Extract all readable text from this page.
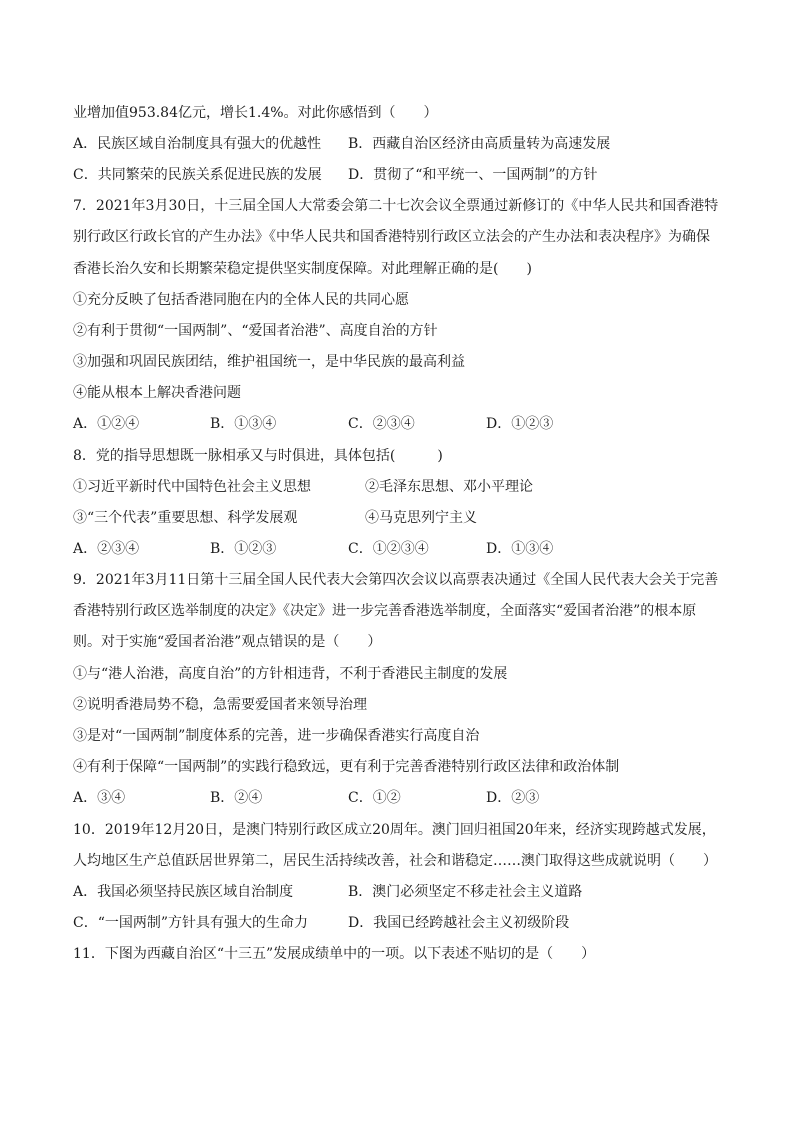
业增加值953.84亿元，增长1.4%。对此你感悟到（　　）
A．民族区域自治制度具有强大的优越性 B．西藏自治区经济由高质量转为高速发展
C．共同繁荣的民族关系促进民族的发展 D．贯彻了“和平统一、一国两制”的方针
7．2021年3月30日，十三届全国人大常委会第二十七次会议全票通过新修订的《中华人民共和国香港特
别行政区行政长官的产生办法》《中华人民共和国香港特别行政区立法会的产生办法和表决程序》为确保
香港长治久安和长期繁荣稳定提供坚实制度保障。对此理解正确的是(　　)
①充分反映了包括香港同胞在内的全体人民的共同心愿
②有利于贯彻“一国两制”、“爱国者治港”、高度自治的方针
③加强和巩固民族团结，维护祖国统一，是中华民族的最高利益
④能从根本上解决香港问题
A．①②④	B．①③④	C．②③④	D．①②③
8．党的指导思想既一脉相承又与时俱进，具体包括(　　　)
①习近平新时代中国特色社会主义思想	②毛泽东思想、邓小平理论
③“三个代表”重要思想、科学发展观	④马克思列宁主义
A．②③④	B．①②③	C．①②③④	D．①③④
9．2021年3月11日第十三届全国人民代表大会第四次会议以高票表决通过《全国人民代表大会关于完善
香港特别行政区选举制度的决定》《决定》进一步完善香港选举制度，全面落实“爱国者治港”的根本原
则。对于实施“爱国者治港”观点错误的是（　　）
①与“港人治港，高度自治”的方针相违背，不利于香港民主制度的发展
②说明香港局势不稳，急需要爱国者来领导治理
③是对“一国两制”制度体系的完善，进一步确保香港实行高度自治
④有利于保障“一国两制”的实践行稳致远，更有利于完善香港特别行政区法律和政治体制
A．③④	B．②④	C．①②	D．②③
10．2019年12月20日，是澳门特别行政区成立20周年。澳门回归祖国20年来，经济实现跨越式发展，
人均地区生产总值跃居世界第二，居民生活持续改善，社会和谐稳定……澳门取得这些成就说明（　　）
A．我国必须坚持民族区域自治制度	B．澳门必须坚定不移走社会主义道路
C．“一国两制”方针具有强大的生命力	D．我国已经跨越社会主义初级阶段
11．下图为西藏自治区“十三五”发展成绩单中的一项。以下表述不贴切的是（　　）
